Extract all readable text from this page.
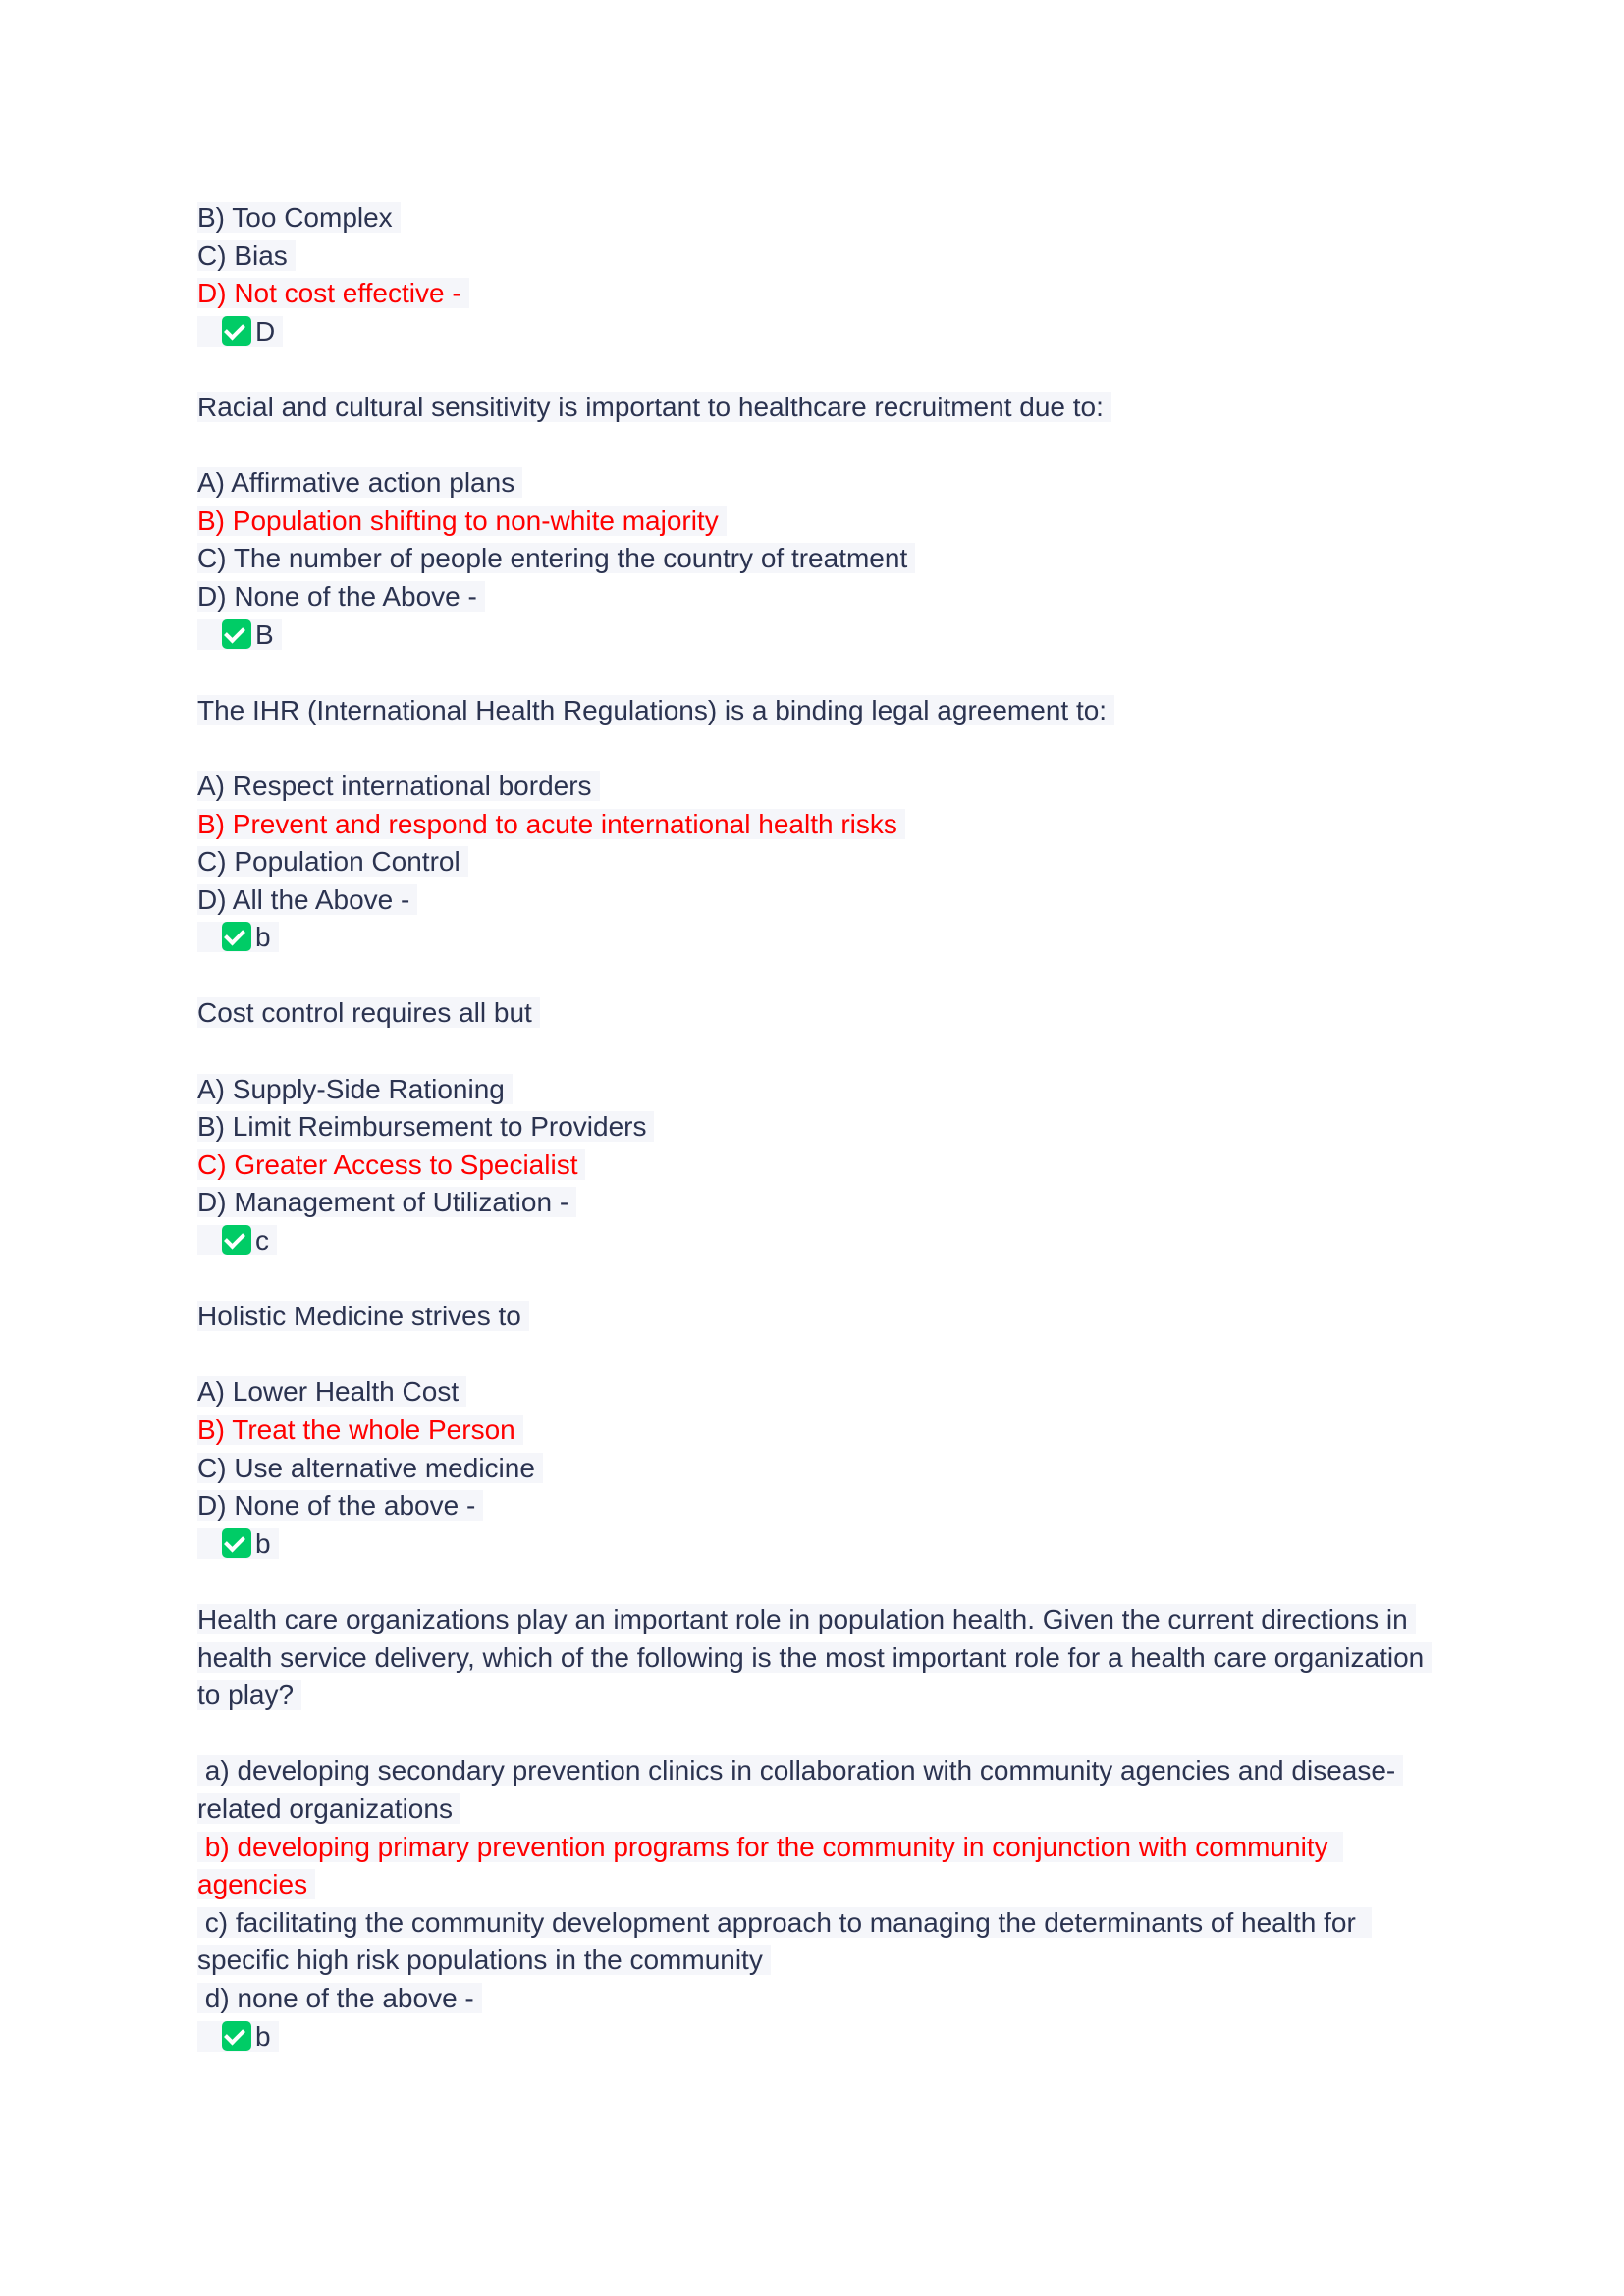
B) Too Complex
C) Bias
D) Not cost effective -
D
Racial and cultural sensitivity is important to healthcare recruitment due to:
A) Affirmative action plans
B) Population shifting to non-white majority
C) The number of people entering the country of treatment
D) None of the Above -
B
The IHR (International Health Regulations) is a binding legal agreement to:
A) Respect international borders
B) Prevent and respond to acute international health risks
C) Population Control
D) All the Above -
b
Cost control requires all but
A) Supply-Side Rationing
B) Limit Reimbursement to Providers
C) Greater Access to Specialist
D) Management of Utilization -
c
Holistic Medicine strives to
A) Lower Health Cost
B) Treat the whole Person
C) Use alternative medicine
D) None of the above -
b
Health care organizations play an important role in population health. Given the current directions in health service delivery, which of the following is the most important role for a health care organization to play?
a) developing secondary prevention clinics in collaboration with community agencies and disease-related organizations
b) developing primary prevention programs for the community in conjunction with community agencies
c) facilitating the community development approach to managing the determinants of health for specific high risk populations in the community
d) none of the above -
b
